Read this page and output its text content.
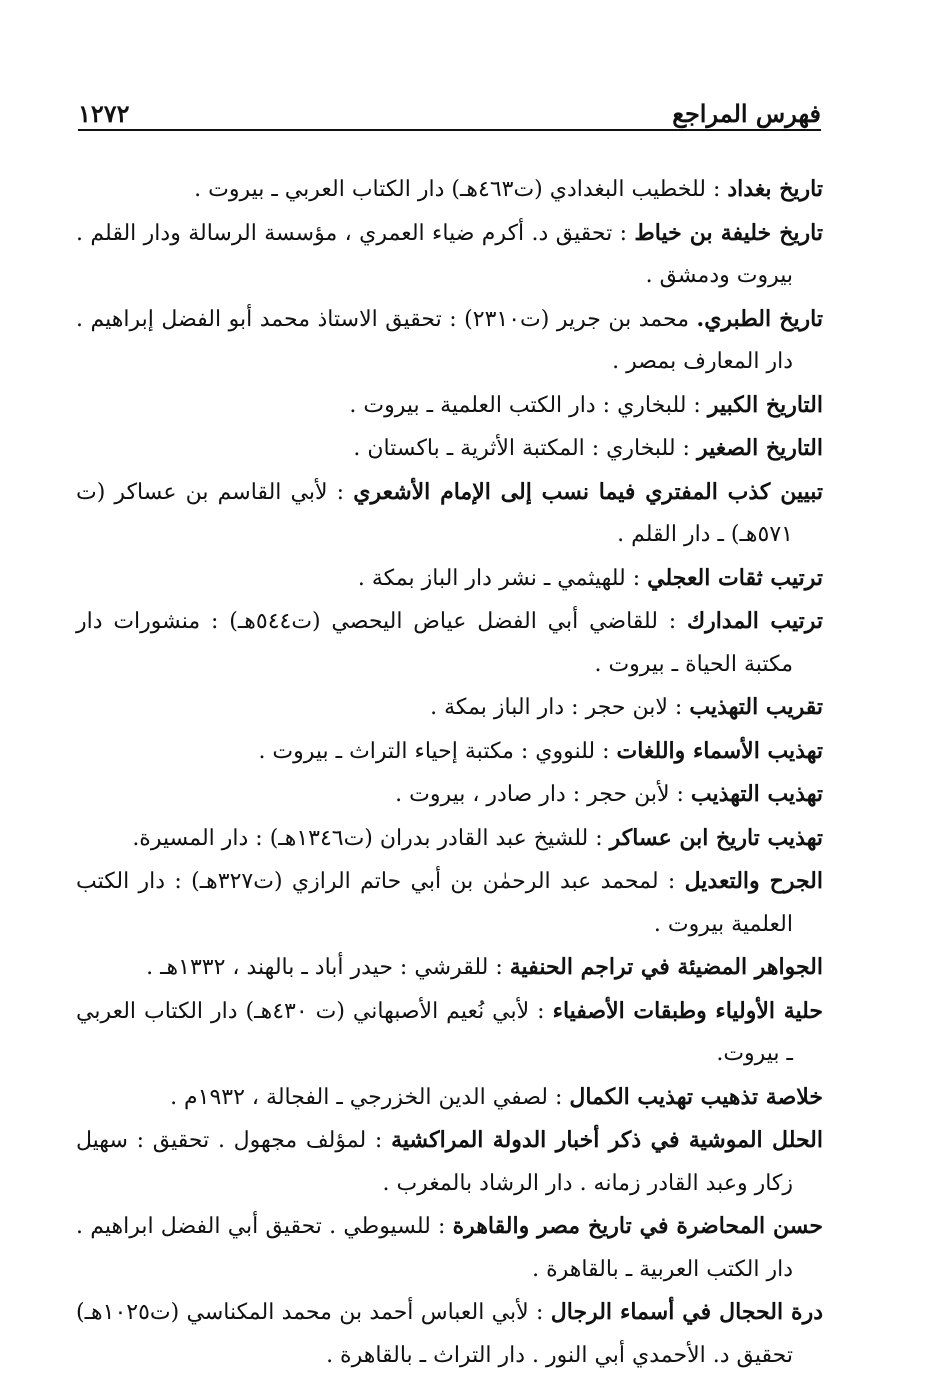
فهرس المراجع
١٢٧٢

تاريخ بغداد : للخطيب البغدادي (ت٤٦٣هـ) دار الكتاب العربي ـ بيروت .

تاريخ خليفة بن خياط : تحقيق د. أكرم ضياء العمري ، مؤسسة الرسالة ودار القلم . بيروت ودمشق .

تاريخ الطبري. محمد بن جرير (ت٢٣١٠) : تحقيق الاستاذ محمد أبو الفضل إبراهيم . دار المعارف بمصر .

التاريخ الكبير : للبخاري : دار الكتب العلمية ـ بيروت .

التاريخ الصغير : للبخاري : المكتبة الأثرية ـ باكستان .

تبيين كذب المفتري فيما نسب إلى الإمام الأشعري : لأبي القاسم بن عساكر (ت ٥٧١هـ) ـ دار القلم .

ترتيب ثقات العجلي : للهيثمي ـ نشر دار الباز بمكة .

ترتيب المدارك : للقاضي أبي الفضل عياض اليحصي (ت٥٤٤هـ) : منشورات دار مكتبة الحياة ـ بيروت .

تقريب التهذيب : لابن حجر : دار الباز بمكة .

تهذيب الأسماء واللغات : للنووي : مكتبة إحياء التراث ـ بيروت .

تهذيب التهذيب : لأبن حجر : دار صادر ، بيروت .

تهذيب تاريخ ابن عساكر : للشيخ عبد القادر بدران (ت١٣٤٦هـ) : دار المسيرة.

الجرح والتعديل : لمحمد عبد الرحمٰن بن أبي حاتم الرازي (ت٣٢٧هـ) : دار الكتب العلمية بيروت .

الجواهر المضيئة في تراجم الحنفية : للقرشي : حيدر أباد ـ بالهند ، ١٣٣٢هـ .

حلية الأولياء وطبقات الأصفياء : لأبي نُعيم الأصبهاني (ت ٤٣٠هـ) دار الكتاب العربي ـ بيروت.

خلاصة تذهيب تهذيب الكمال : لصفي الدين الخزرجي ـ الفجالة ، ١٩٣٢م .

الحلل الموشية في ذكر أخبار الدولة المراكشية : لمؤلف مجهول . تحقيق : سهيل زكار وعبد القادر زمانه . دار الرشاد بالمغرب .

حسن المحاضرة في تاريخ مصر والقاهرة : للسيوطي . تحقيق أبي الفضل ابراهيم . دار الكتب العربية ـ بالقاهرة .

درة الحجال في أسماء الرجال : لأبي العباس أحمد بن محمد المكناسي (ت١٠٢٥هـ) تحقيق د. الأحمدي أبي النور . دار التراث ـ بالقاهرة .
